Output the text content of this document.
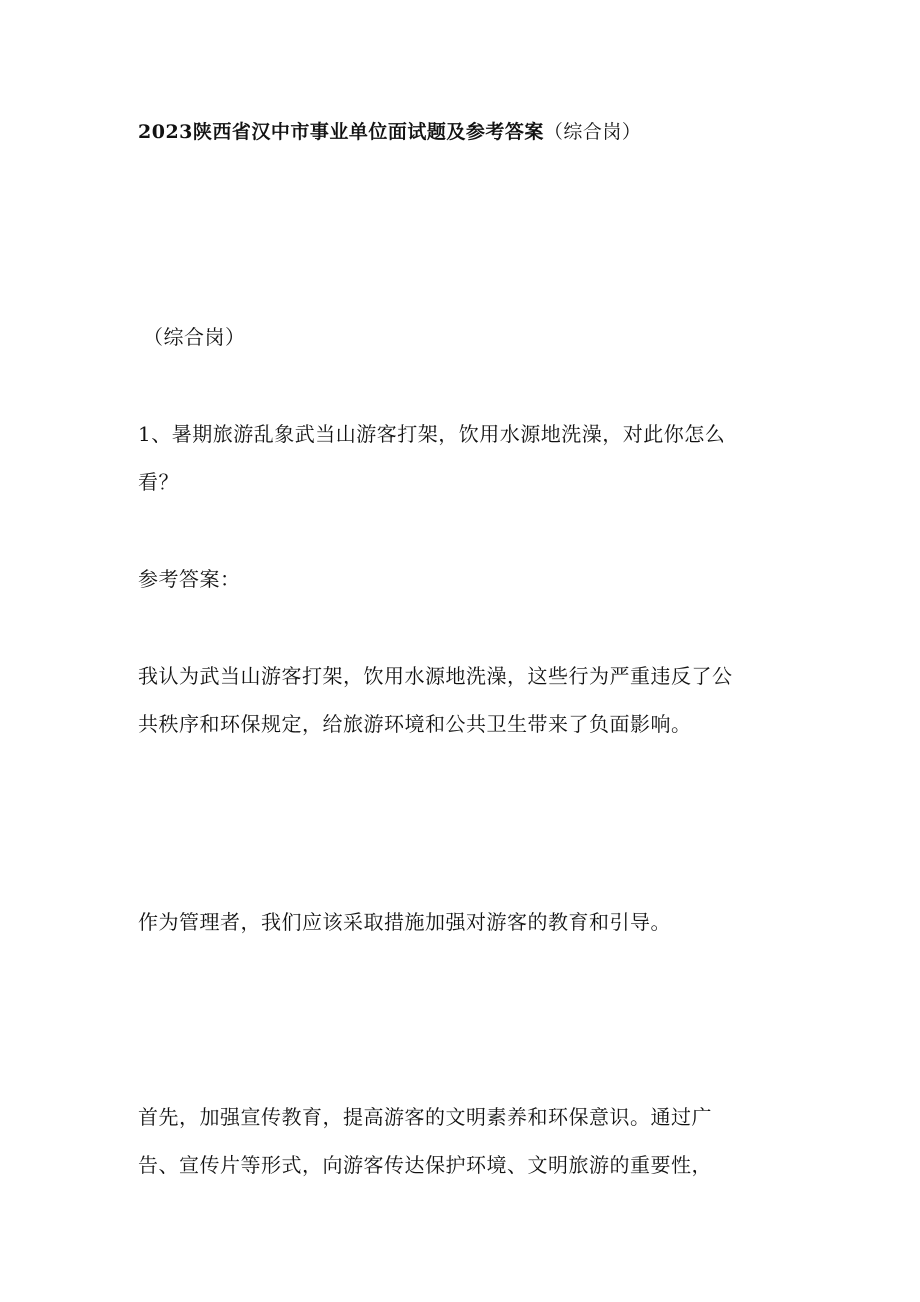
2023陕西省汉中市事业单位面试题及参考答案（综合岗）
（综合岗）
1、暑期旅游乱象武当山游客打架，饮用水源地洗澡，对此你怎么
看？
参考答案：
我认为武当山游客打架，饮用水源地洗澡，这些行为严重违反了公
共秩序和环保规定，给旅游环境和公共卫生带来了负面影响。
作为管理者，我们应该采取措施加强对游客的教育和引导。
首先，加强宣传教育，提高游客的文明素养和环保意识。通过广
告、宣传片等形式，向游客传达保护环境、文明旅游的重要性，
